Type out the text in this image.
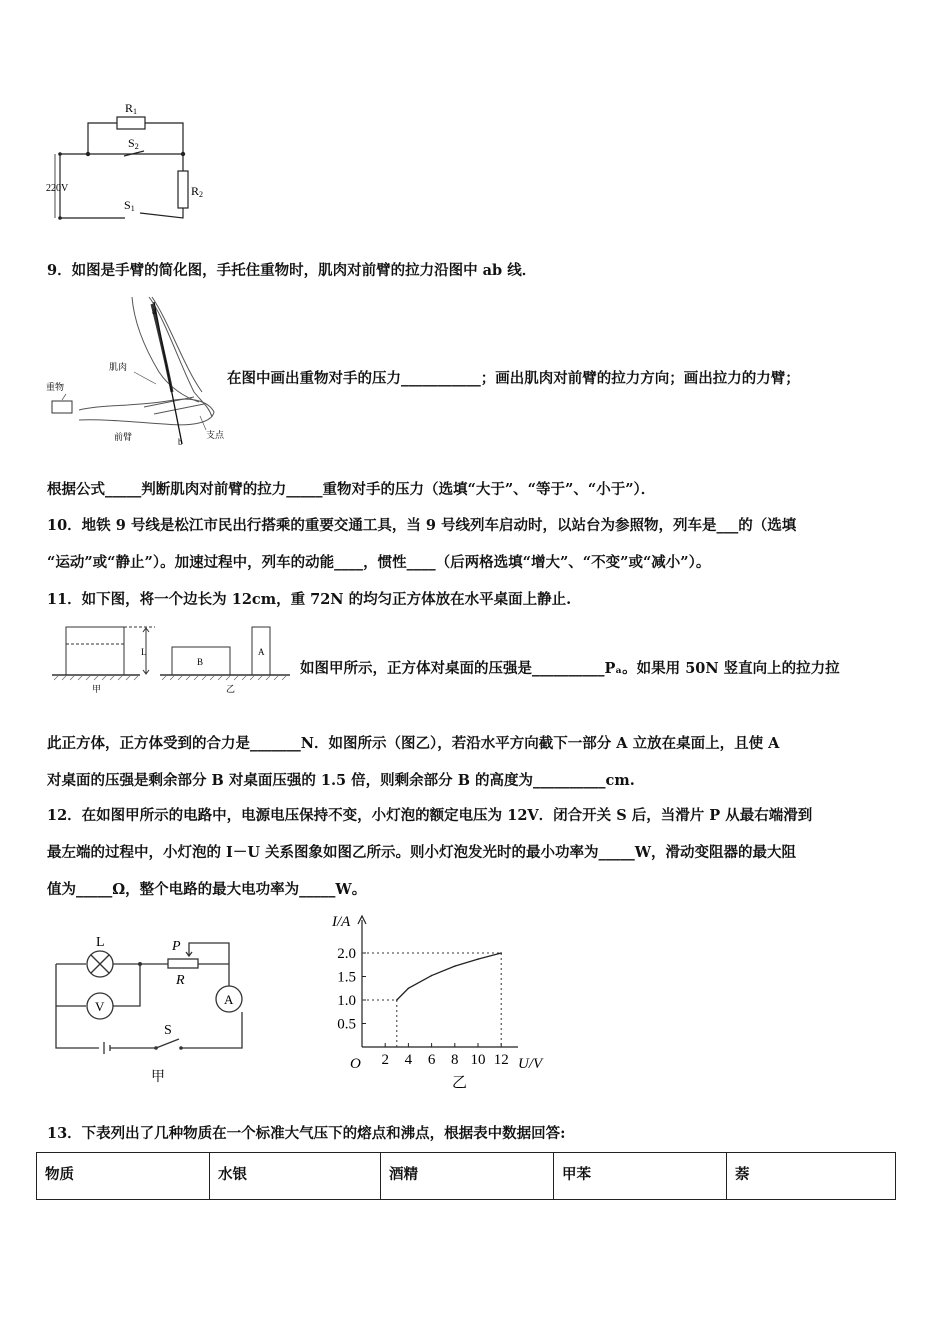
R1
S2
R2
S1
220V
9．如图是手臂的简化图，手托住重物时，肌肉对前臂的拉力沿图中 ab 线．
a
b
肌肉
重物
前臂	支点
在图中画出重物对手的压力___________；画出肌肉对前臂的拉力方向；画出拉力的力臂；
根据公式_____判断肌肉对前臂的拉力_____重物对手的压力（选填“大于”、“等于”、“小于”）．
10．地铁 9 号线是松江市民出行搭乘的重要交通工具，当 9 号线列车启动时，以站台为参照物，列车是___的（选填
“运动”或“静止”）。加速过程中，列车的动能____，惯性____（后两格选填“增大”、“不变”或“减小”）。
11．如下图，将一个边长为 12cm，重 72N 的均匀正方体放在水平桌面上静止.
L
B
A
甲	乙
如图甲所示，正方体对桌面的压强是__________Pₐ。如果用 50N 竖直向上的拉力拉
此正方体，正方体受到的合力是_______N．如图所示（图乙），若沿水平方向截下一部分 A 立放在桌面上，且使 A
对桌面的压强是剩余部分 B 对桌面压强的 1.5 倍，则剩余部分 B 的高度为__________cm.
12．在如图甲所示的电路中，电源电压保持不变，小灯泡的额定电压为 12V．闭合开关 S 后，当滑片 P 从最右端滑到
最左端的过程中，小灯泡的 I－U 关系图象如图乙所示。则小灯泡发光时的最小功率为_____W，滑动变阻器的最大阻
值为_____Ω，整个电路的最大电功率为_____W。
L	P
R
V	A
S
甲
I/A
U/V
O
乙
2 4 6 8 10 12
0.5
1.0
1.5
2.0
13．下表列出了几种物质在一个标准大气压下的熔点和沸点，根据表中数据回答:
物质	水银	酒精	甲苯	萘
